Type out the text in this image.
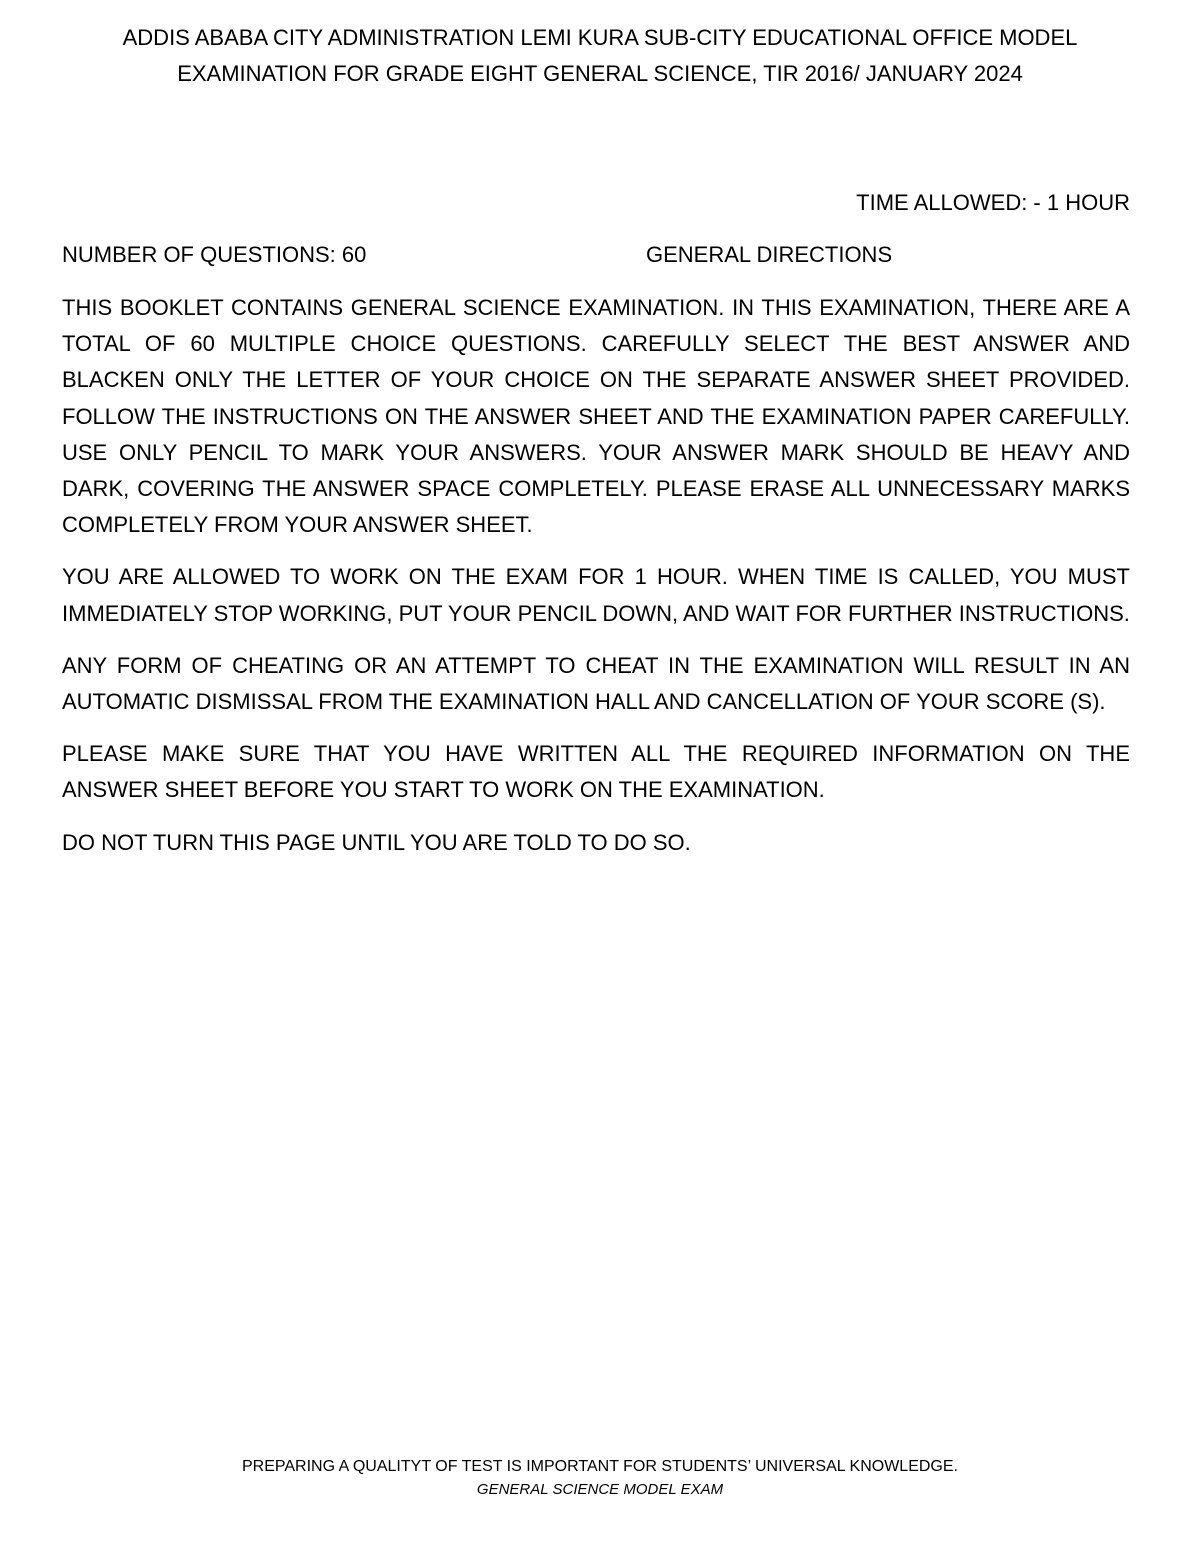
ADDIS ABABA CITY ADMINISTRATION LEMI KURA SUB-CITY EDUCATIONAL OFFICE MODEL
EXAMINATION FOR GRADE EIGHT GENERAL SCIENCE, TIR 2016/ JANUARY 2024
TIME ALLOWED: - 1 HOUR
NUMBER OF QUESTIONS: 60	GENERAL DIRECTIONS

THIS BOOKLET CONTAINS GENERAL SCIENCE EXAMINATION. IN THIS EXAMINATION, THERE ARE A TOTAL OF 60 MULTIPLE CHOICE QUESTIONS. CAREFULLY SELECT THE BEST ANSWER AND BLACKEN ONLY THE LETTER OF YOUR CHOICE ON THE SEPARATE ANSWER SHEET PROVIDED. FOLLOW THE INSTRUCTIONS ON THE ANSWER SHEET AND THE EXAMINATION PAPER CAREFULLY. USE ONLY PENCIL TO MARK YOUR ANSWERS. YOUR ANSWER MARK SHOULD BE HEAVY AND DARK, COVERING THE ANSWER SPACE COMPLETELY. PLEASE ERASE ALL UNNECESSARY MARKS COMPLETELY FROM YOUR ANSWER SHEET.

YOU ARE ALLOWED TO WORK ON THE EXAM FOR 1 HOUR. WHEN TIME IS CALLED, YOU MUST IMMEDIATELY STOP WORKING, PUT YOUR PENCIL DOWN, AND WAIT FOR FURTHER INSTRUCTIONS.

ANY FORM OF CHEATING OR AN ATTEMPT TO CHEAT IN THE EXAMINATION WILL RESULT IN AN AUTOMATIC DISMISSAL FROM THE EXAMINATION HALL AND CANCELLATION OF YOUR SCORE (S).

PLEASE MAKE SURE THAT YOU HAVE WRITTEN ALL THE REQUIRED INFORMATION ON THE ANSWER SHEET BEFORE YOU START TO WORK ON THE EXAMINATION.

DO NOT TURN THIS PAGE UNTIL YOU ARE TOLD TO DO SO.

PREPARING A QUALITYT OF TEST IS IMPORTANT FOR STUDENTS’ UNIVERSAL KNOWLEDGE.
GENERAL SCIENCE MODEL EXAM
